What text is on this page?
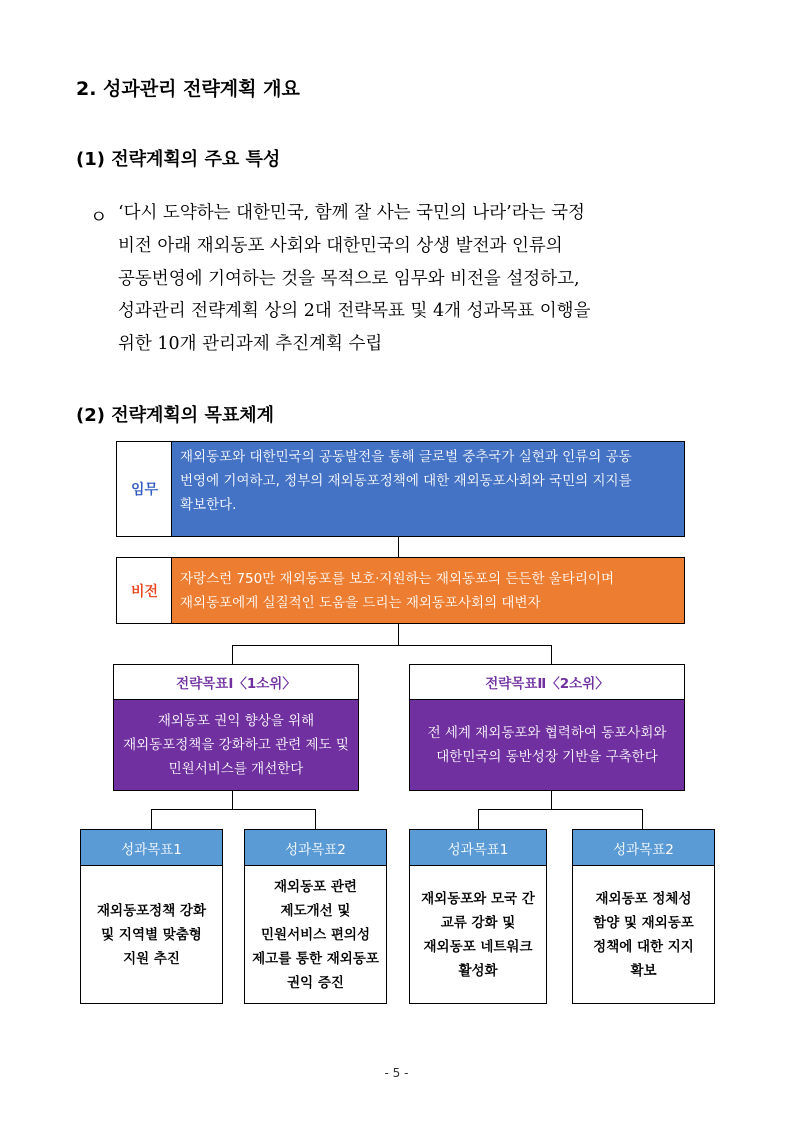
2. 성과관리 전략계획 개요
(1) 전략계획의 주요 특성
ㅇ ‘다시 도약하는 대한민국, 함께 잘 사는 국민의 나라’라는 국정
비전 아래 재외동포 사회와 대한민국의 상생 발전과 인류의
공동번영에 기여하는 것을 목적으로 임무와 비전을 설정하고,
성과관리 전략계획 상의 2대 전략목표 및 4개 성과목표 이행을
위한 10개 관리과제 추진계획 수립
(2) 전략계획의 목표체계
임무
재외동포와 대한민국의 공동발전을 통해 글로벌 중추국가 실현과 인류의 공동
번영에 기여하고, 정부의 재외동포정책에 대한 재외동포사회와 국민의 지지를
확보한다.
비전
자랑스런 750만 재외동포를 보호·지원하는 재외동포의 든든한 울타리이며
재외동포에게 실질적인 도움을 드리는 재외동포사회의 대변자
전략목표Ⅰ〈1소위〉
재외동포 권익 향상을 위해
재외동포정책을 강화하고 관련 제도 및
민원서비스를 개선한다
전략목표Ⅱ〈2소위〉
전 세계 재외동포와 협력하여 동포사회와
대한민국의 동반성장 기반을 구축한다
성과목표1
재외동포정책 강화
및 지역별 맞춤형
지원 추진
성과목표2
재외동포 관련
제도개선 및
민원서비스 편의성
제고를 통한 재외동포
권익 증진
성과목표1
재외동포와 모국 간
교류 강화 및
재외동포 네트워크
활성화
성과목표2
재외동포 정체성
함양 및 재외동포
정책에 대한 지지
확보
- 5 -
